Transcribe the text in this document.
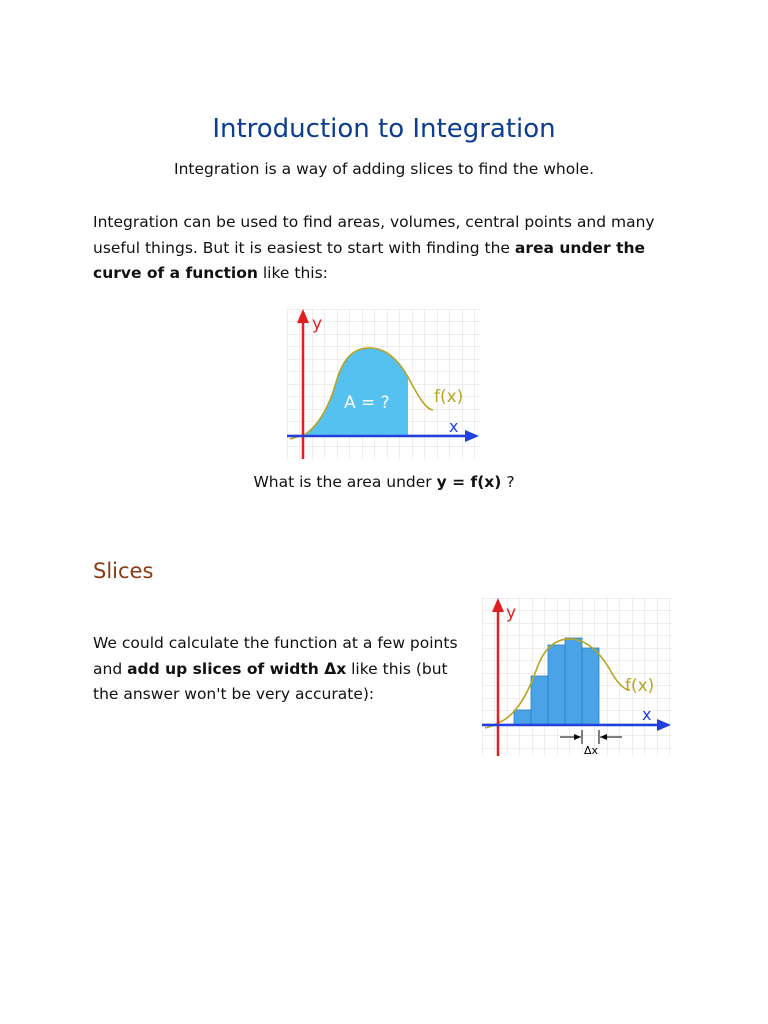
Introduction to Integration
Integration is a way of adding slices to find the whole.
Integration can be used to find areas, volumes, central points and many useful things. But it is easiest to start with finding the area under the curve of a function like this:
y
x
A = ?	f(x)
What is the area under y = f(x) ?
Slices
We could calculate the function at a few points and add up slices of width Δx like this (but the answer won't be very accurate):
y
x
f(x)
Δx
